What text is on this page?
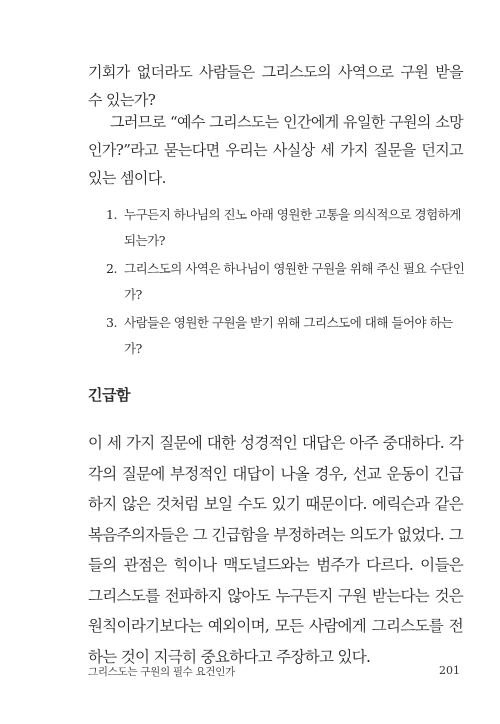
기회가 없더라도 사람들은 그리스도의 사역으로 구원 받을 수 있는가?

그러므로 “예수 그리스도는 인간에게 유일한 구원의 소망인가?”라고 묻는다면 우리는 사실상 세 가지 질문을 던지고 있는 셈이다.

1. 누구든지 하나님의 진노 아래 영원한 고통을 의식적으로 경험하게 되는가?
2. 그리스도의 사역은 하나님이 영원한 구원을 위해 주신 필요 수단인가?
3. 사람들은 영원한 구원을 받기 위해 그리스도에 대해 들어야 하는가?
긴급함

이 세 가지 질문에 대한 성경적인 대답은 아주 중대하다. 각각의 질문에 부정적인 대답이 나올 경우, 선교 운동이 긴급하지 않은 것처럼 보일 수도 있기 때문이다. 에릭슨과 같은 복음주의자들은 그 긴급함을 부정하려는 의도가 없었다. 그들의 관점은 힉이나 맥도널드와는 범주가 다르다. 이들은 그리스도를 전파하지 않아도 누구든지 구원 받는다는 것은 원칙이라기보다는 예외이며, 모든 사람에게 그리스도를 전하는 것이 지극히 중요하다고 주장하고 있다.

그리스도는 구원의 필수 요건인가	201
